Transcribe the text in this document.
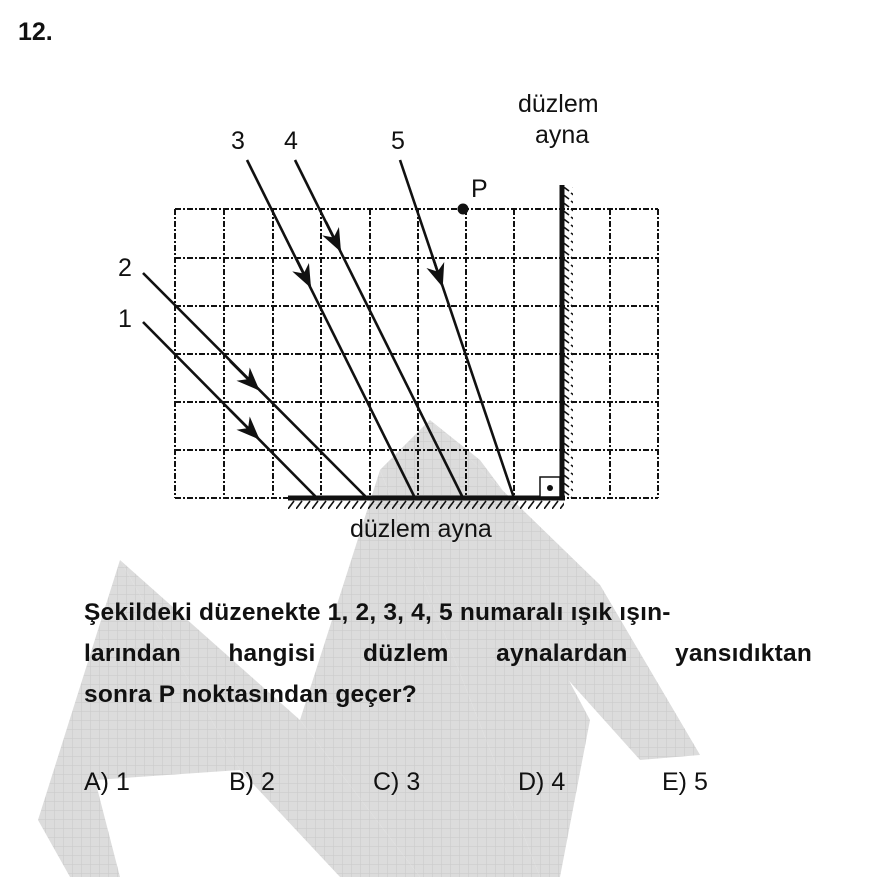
12.
3 4	5
2
1
P
düzlem
ayna
düzlem ayna
Şekildeki düzenekte 1, 2, 3, 4, 5 numaralı ışık ışın-
larından hangisi düzlem aynalardan yansıdıktan
sonra P noktasından geçer?
A) 1	B) 2	C) 3	D) 4	E) 5
